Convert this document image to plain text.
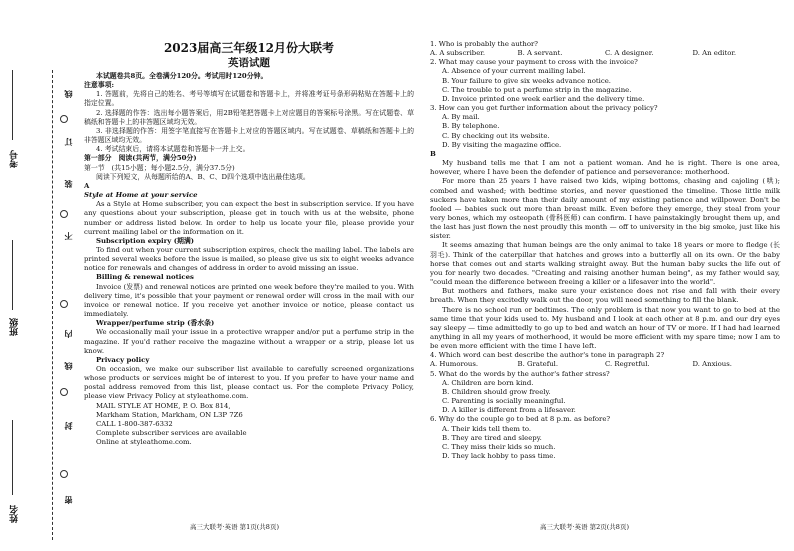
考号
班级
姓名
线
订
装
不
内
线
封
密
2023届高三年级12月份大联考
英语试题

本试题卷共8页。全卷满分120分。考试用时120分钟。

注意事项:

1. 答题前，先将自己的姓名、考号等填写在试题卷和答题卡上，并将准考证号条形码粘贴在答题卡上的指定位置。

2. 选择题的作答：选出每小题答案后，用2B铅笔把答题卡上对应题目的答案标号涂黑。写在试题卷、草稿纸和答题卡上的非答题区域均无效。

3. 非选择题的作答：用签字笔直接写在答题卡上对应的答题区域内。写在试题卷、草稿纸和答题卡上的非答题区域均无效。

4. 考试结束后，请将本试题卷和答题卡一并上交。

第一部分　阅读(共两节，满分50分)

第一节　(共15小题；每小题2.5分，满分37.5分)

阅读下列短文，从每题所给的A、B、C、D四个选项中选出最佳选项。

A

Style at Home at your service

As a Style at Home subscriber, you can expect the best in subscription service. If you have any questions about your subscription, please get in touch with us at the website, phone number or address listed below. In order to help us locate your file, please provide your current mailing label or the information on it.

Subscription expiry (期满)

To find out when your current subscription expires, check the mailing label. The labels are printed several weeks before the issue is mailed, so please give us six to eight weeks advance notice for renewals and changes of address in order to avoid missing an issue.

Billing & renewal notices

Invoice (发票) and renewal notices are printed one week before they're mailed to you. With delivery time, it's possible that your payment or renewal order will cross in the mail with our invoice or renewal notice. If you receive yet another invoice or notice, please contact us immediately.

Wrapper/perfume strip (香水条)

We occasionally mail your issue in a protective wrapper and/or put a perfume strip in the magazine. If you'd rather receive the magazine without a wrapper or a strip, please let us know.

Privacy policy

On occasion, we make our subscriber list available to carefully screened organizations whose products or services might be of interest to you. If you prefer to have your name and postal address removed from this list, please contact us. For the complete Privacy Policy, please view Privacy Policy at styleathome.com.

MAIL STYLE AT HOME, P. O. Box 814,

Markham Station, Markham, ON L3P 7Z6

CALL 1-800-387-6332

Complete subscriber services are available

Online at styleathome.com.

1. Who is probably the author?

A. A subscriber.	B. A servant.	C. A designer.	D. An editor.

2. What may cause your payment to cross with the invoice?

A. Absence of your current mailing label.

B. Your failure to give six weeks advance notice.

C. The trouble to put a perfume strip in the magazine.

D. Invoice printed one week earlier and the delivery time.

3. How can you get further information about the privacy policy?

A. By mail.

B. By telephone.

C. By checking out its website.

D. By visiting the magazine office.

B

My husband tells me that I am not a patient woman. And he is right. There is one area, however, where I have been the defender of patience and perseverance: motherhood.

For more than 25 years I have raised two kids, wiping bottoms, chasing and cajoling (哄); combed and washed; with bedtime stories, and never questioned the timeline. Those little milk suckers have taken more than their daily amount of my existing patience and willpower. Don't be fooled — babies suck out more than breast milk. Even before they emerge, they steal from your very bones, which my osteopath (骨科医师) can confirm. I have painstakingly brought them up, and the last has just flown the nest proudly this month — off to university in the big smoke, just like his sister.

It seems amazing that human beings are the only animal to take 18 years or more to fledge (长羽毛). Think of the caterpillar that hatches and grows into a butterfly all on its own. Or the baby horse that comes out and starts walking straight away. But the human baby sucks the life out of you for nearly two decades. "Creating and raising another human being", as my father would say, "could mean the difference between freeing a killer or a lifesaver into the world".

But mothers and fathers, make sure your existence does not rise and fall with their every breath. When they excitedly walk out the door, you will need something to fill the blank.

There is no school run or bedtimes. The only problem is that now you want to go to bed at the same time that your kids used to. My husband and I look at each other at 8 p.m. and our dry eyes say sleepy — time admittedly to go up to bed and watch an hour of TV or more. If I had had learned anything in all my years of motherhood, it would be more efficient with my spare time; now I am to be even more efficient with the time I have left.

4. Which word can best describe the author's tone in paragraph 2?

A. Humorous.	B. Grateful.	C. Regretful.	D. Anxious.

5. What do the words by the author's father stress?

A. Children are born kind.

B. Children should grow freely.

C. Parenting is socially meaningful.

D. A killer is different from a lifesaver.

6. Why do the couple go to bed at 8 p.m. as before?

A. Their kids tell them to.

B. They are tired and sleepy.

C. They miss their kids so much.

D. They lack hobby to pass time.

高三大联考·英语 第1页(共8页)	高三大联考·英语 第2页(共8页)
